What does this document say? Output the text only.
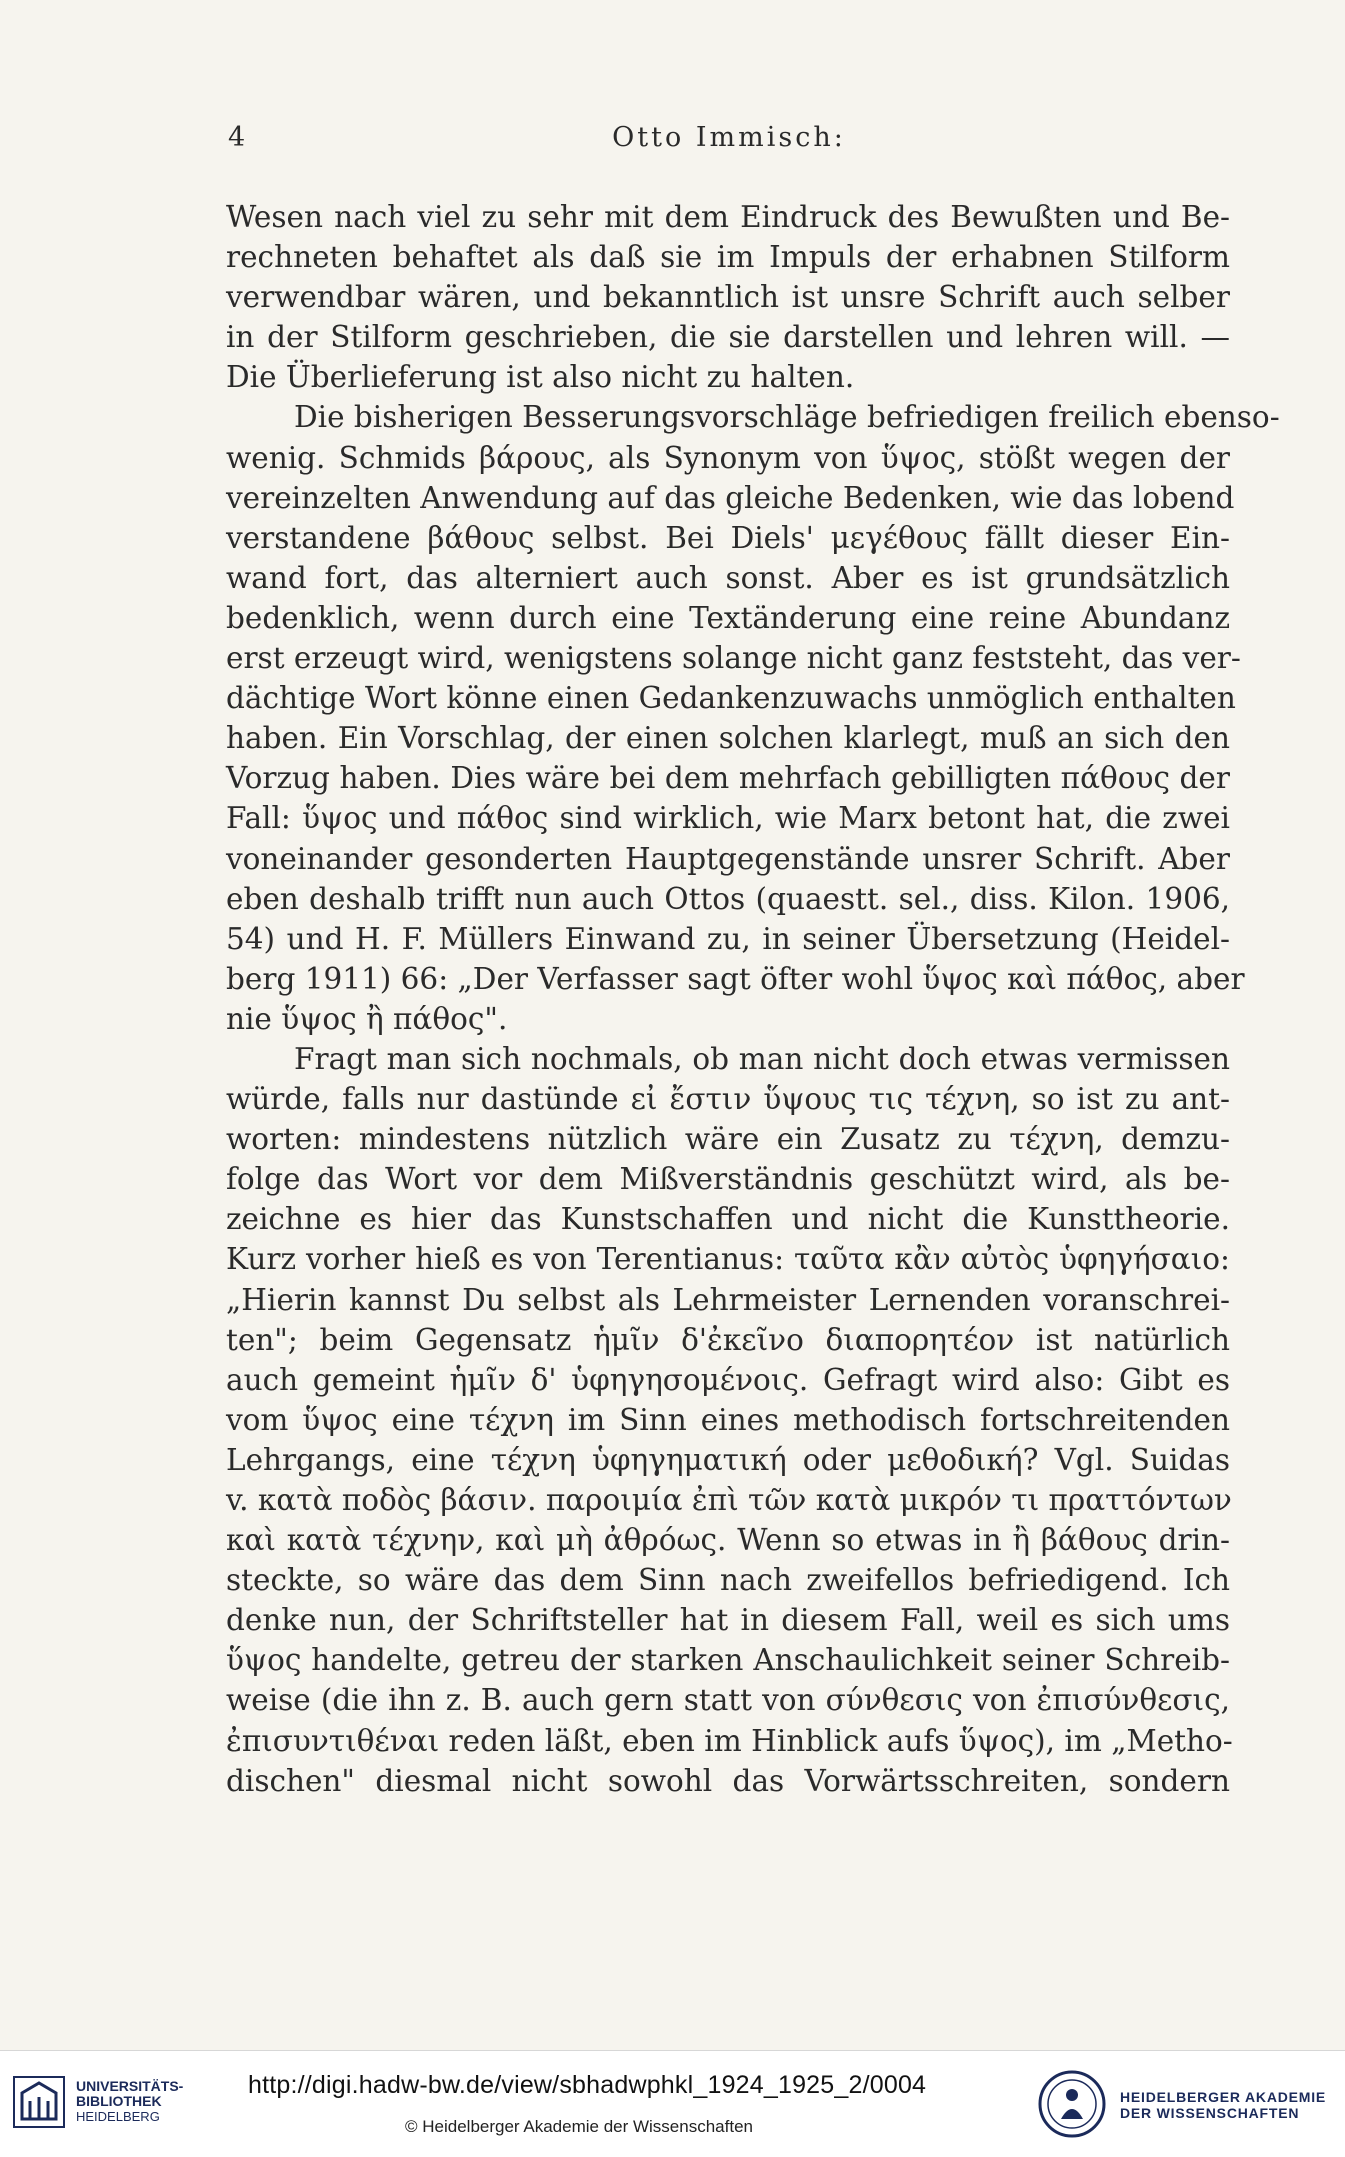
4	Otto Immisch:
Wesen nach viel zu sehr mit dem Eindruck des Bewußten und Be-
rechneten behaftet als daß sie im Impuls der erhabnen Stilform
verwendbar wären, und bekanntlich ist unsre Schrift auch selber
in der Stilform geschrieben, die sie darstellen und lehren will. —
Die Überlieferung ist also nicht zu halten.
Die bisherigen Besserungsvorschläge befriedigen freilich ebenso-
wenig. Schmids βάρους, als Synonym von ὕψος, stößt wegen der
vereinzelten Anwendung auf das gleiche Bedenken, wie das lobend
verstandene βάθους selbst. Bei Diels' μεγέθους fällt dieser Ein-
wand fort, das alterniert auch sonst. Aber es ist grundsätzlich
bedenklich, wenn durch eine Textänderung eine reine Abundanz
erst erzeugt wird, wenigstens solange nicht ganz feststeht, das ver-
dächtige Wort könne einen Gedankenzuwachs unmöglich enthalten
haben. Ein Vorschlag, der einen solchen klarlegt, muß an sich den
Vorzug haben. Dies wäre bei dem mehrfach gebilligten πάθους der
Fall: ὕψος und πάθος sind wirklich, wie Marx betont hat, die zwei
voneinander gesonderten Hauptgegenstände unsrer Schrift. Aber
eben deshalb trifft nun auch Ottos (quaestt. sel., diss. Kilon. 1906,
54) und H. F. Müllers Einwand zu, in seiner Übersetzung (Heidel-
berg 1911) 66: „Der Verfasser sagt öfter wohl ὕψος καὶ πάθος, aber
nie ὕψος ἢ πάθος".
Fragt man sich nochmals, ob man nicht doch etwas vermissen
würde, falls nur dastünde εἰ ἔστιν ὕψους τις τέχνη, so ist zu ant-
worten: mindestens nützlich wäre ein Zusatz zu τέχνη, demzu-
folge das Wort vor dem Mißverständnis geschützt wird, als be-
zeichne es hier das Kunstschaffen und nicht die Kunsttheorie.
Kurz vorher hieß es von Terentianus: ταῦτα κἂν αὐτὸς ὑφηγήσαιο:
„Hierin kannst Du selbst als Lehrmeister Lernenden voranschrei-
ten"; beim Gegensatz ἡμῖν δ'ἐκεῖνο διαπορητέον ist natürlich
auch gemeint ἡμῖν δ' ὑφηγησομένοις. Gefragt wird also: Gibt es
vom ὕψος eine τέχνη im Sinn eines methodisch fortschreitenden
Lehrgangs, eine τέχνη ὑφηγηματική oder μεθοδική? Vgl. Suidas
v. κατὰ ποδὸς βάσιν. παροιμία ἐπὶ τῶν κατὰ μικρόν τι πραττόντων
καὶ κατὰ τέχνην, καὶ μὴ ἀθρόως. Wenn so etwas in ἢ βάθους drin-
steckte, so wäre das dem Sinn nach zweifellos befriedigend. Ich
denke nun, der Schriftsteller hat in diesem Fall, weil es sich ums
ὕψος handelte, getreu der starken Anschaulichkeit seiner Schreib-
weise (die ihn z. B. auch gern statt von σύνθεσις von ἐπισύνθεσις,
ἐπισυντιθέναι reden läßt, eben im Hinblick aufs ὕψος), im „Metho-
dischen" diesmal nicht sowohl das Vorwärtsschreiten, sondern
UNIVERSITÄTS-
BIBLIOTHEK
HEIDELBERG
http://digi.hadw-bw.de/view/sbhadwphkl_1924_1925_2/0004
© Heidelberger Akademie der Wissenschaften
HEIDELBERGER AKADEMIE
DER WISSENSCHAFTEN
